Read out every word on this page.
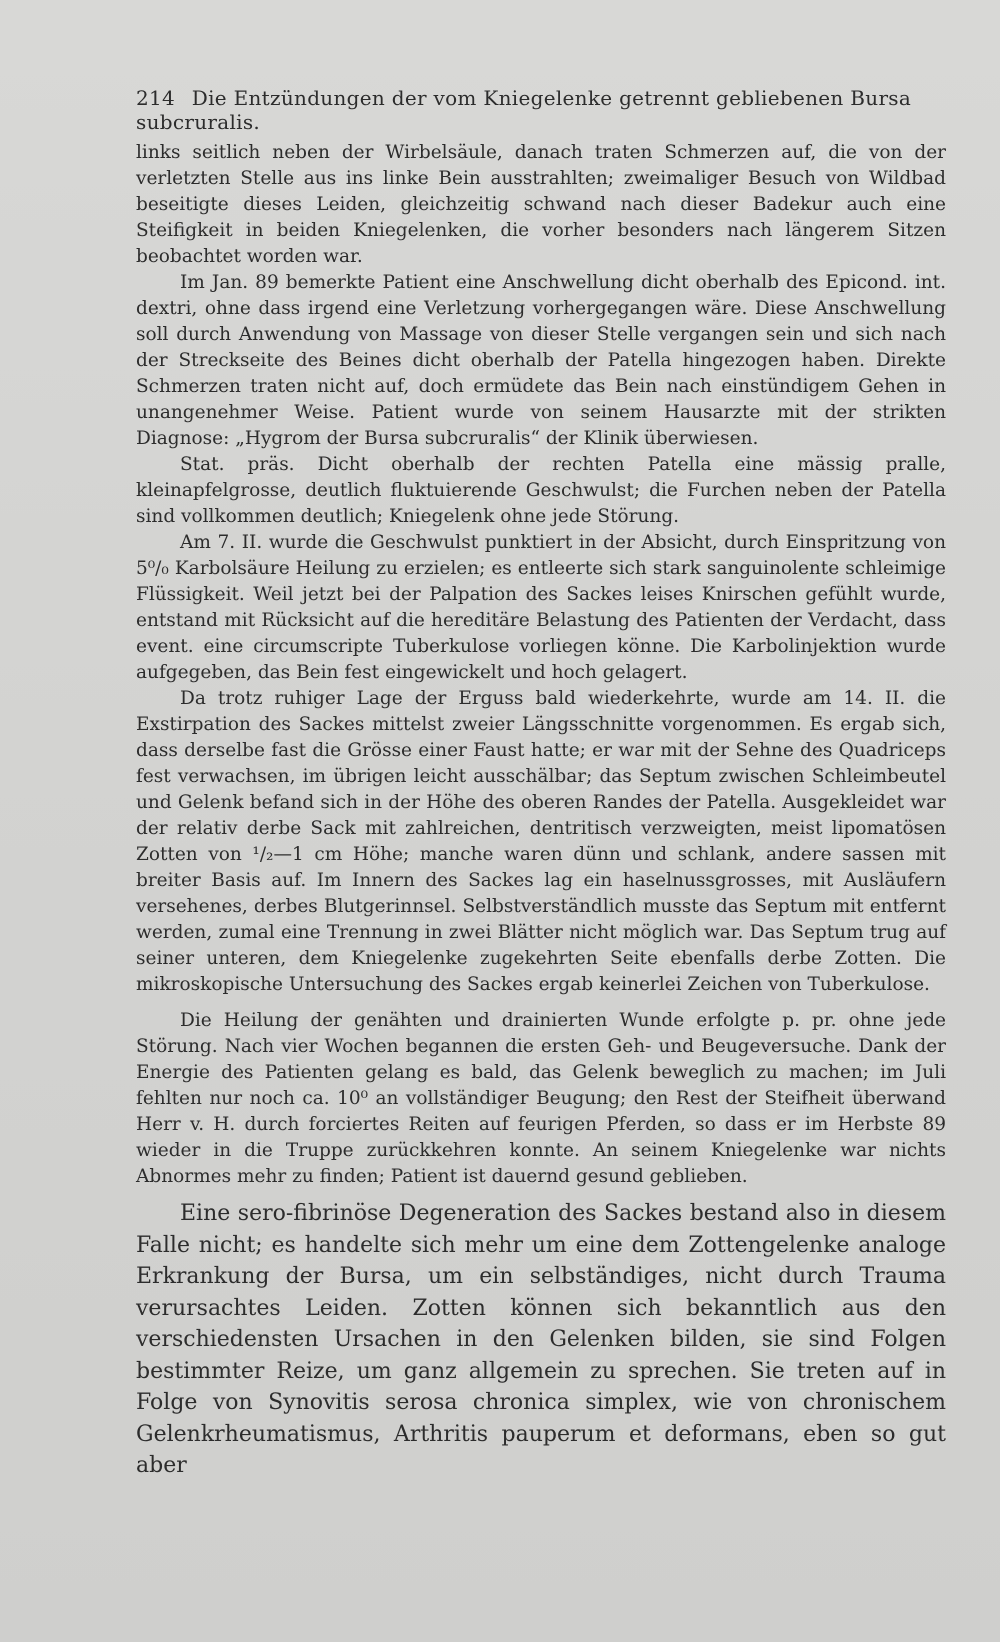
214 Die Entzündungen der vom Kniegelenke getrennt gebliebenen Bursa subcruralis.

links seitlich neben der Wirbelsäule, danach traten Schmerzen auf, die von der verletzten Stelle aus ins linke Bein ausstrahlten; zweimaliger Besuch von Wildbad beseitigte dieses Leiden, gleichzeitig schwand nach dieser Badekur auch eine Steifigkeit in beiden Kniegelenken, die vorher besonders nach längerem Sitzen beobachtet worden war.

Im Jan. 89 bemerkte Patient eine Anschwellung dicht oberhalb des Epicond. int. dextri, ohne dass irgend eine Verletzung vorhergegangen wäre. Diese Anschwellung soll durch Anwendung von Massage von dieser Stelle vergangen sein und sich nach der Streckseite des Beines dicht oberhalb der Patella hingezogen haben. Direkte Schmerzen traten nicht auf, doch ermüdete das Bein nach einstündigem Gehen in unangenehmer Weise. Patient wurde von seinem Hausarzte mit der strikten Diagnose: „Hygrom der Bursa subcruralis“ der Klinik überwiesen.

Stat. präs. Dicht oberhalb der rechten Patella eine mässig pralle, kleinapfelgrosse, deutlich fluktuierende Geschwulst; die Furchen neben der Patella sind vollkommen deutlich; Kniegelenk ohne jede Störung.

Am 7. II. wurde die Geschwulst punktiert in der Absicht, durch Einspritzung von 5⁰/₀ Karbolsäure Heilung zu erzielen; es entleerte sich stark sanguinolente schleimige Flüssigkeit. Weil jetzt bei der Palpation des Sackes leises Knirschen gefühlt wurde, entstand mit Rücksicht auf die hereditäre Belastung des Patienten der Verdacht, dass event. eine circumscripte Tuberkulose vorliegen könne. Die Karbolinjektion wurde aufgegeben, das Bein fest eingewickelt und hoch gelagert.

Da trotz ruhiger Lage der Erguss bald wiederkehrte, wurde am 14. II. die Exstirpation des Sackes mittelst zweier Längsschnitte vorgenommen. Es ergab sich, dass derselbe fast die Grösse einer Faust hatte; er war mit der Sehne des Quadriceps fest verwachsen, im übrigen leicht ausschälbar; das Septum zwischen Schleimbeutel und Gelenk befand sich in der Höhe des oberen Randes der Patella. Ausgekleidet war der relativ derbe Sack mit zahlreichen, dentritisch verzweigten, meist lipomatösen Zotten von ¹/₂—1 cm Höhe; manche waren dünn und schlank, andere sassen mit breiter Basis auf. Im Innern des Sackes lag ein haselnussgrosses, mit Ausläufern versehenes, derbes Blutgerinnsel. Selbstverständlich musste das Septum mit entfernt werden, zumal eine Trennung in zwei Blätter nicht möglich war. Das Septum trug auf seiner unteren, dem Kniegelenke zugekehrten Seite ebenfalls derbe Zotten. Die mikroskopische Untersuchung des Sackes ergab keinerlei Zeichen von Tuberkulose.

Die Heilung der genähten und drainierten Wunde erfolgte p. pr. ohne jede Störung. Nach vier Wochen begannen die ersten Geh- und Beugeversuche. Dank der Energie des Patienten gelang es bald, das Gelenk beweglich zu machen; im Juli fehlten nur noch ca. 10⁰ an vollständiger Beugung; den Rest der Steifheit überwand Herr v. H. durch forciertes Reiten auf feurigen Pferden, so dass er im Herbste 89 wieder in die Truppe zurückkehren konnte. An seinem Kniegelenke war nichts Abnormes mehr zu finden; Patient ist dauernd gesund geblieben.

Eine sero-fibrinöse Degeneration des Sackes bestand also in diesem Falle nicht; es handelte sich mehr um eine dem Zottengelenke analoge Erkrankung der Bursa, um ein selbständiges, nicht durch Trauma verursachtes Leiden. Zotten können sich bekanntlich aus den verschiedensten Ursachen in den Gelenken bilden, sie sind Folgen bestimmter Reize, um ganz allgemein zu sprechen. Sie treten auf in Folge von Synovitis serosa chronica simplex, wie von chronischem Gelenkrheumatismus, Arthritis pauperum et deformans, eben so gut aber
